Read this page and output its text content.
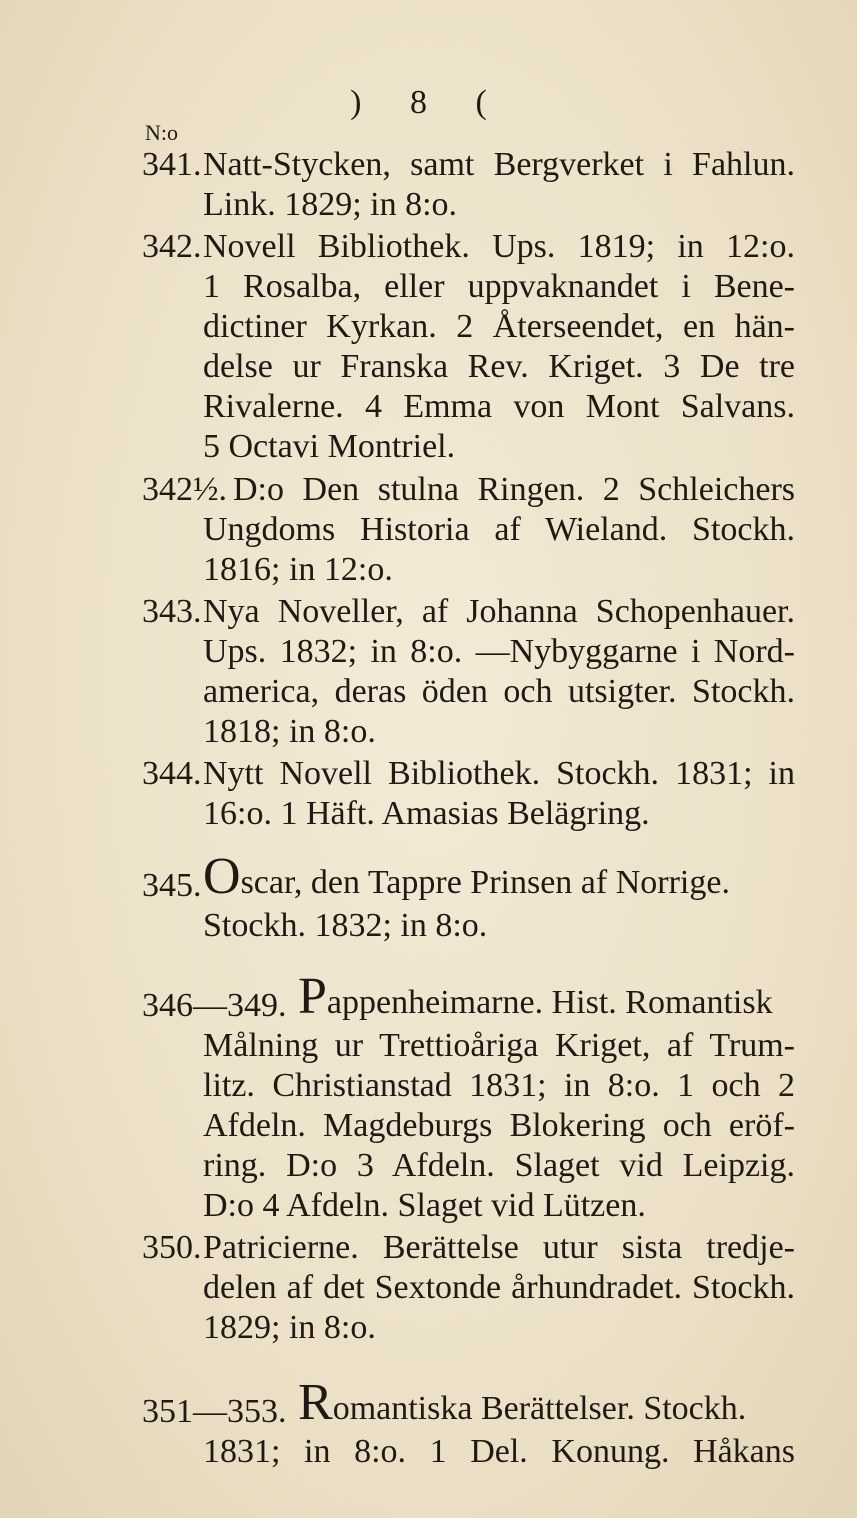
) 8 (
N:o
341. Natt-Stycken, samt Bergverket i Fahlun.
Link. 1829; in 8:o.
342. Novell Bibliothek. Ups. 1819; in 12:o.
1 Rosalba, eller uppvaknandet i Bene-
dictiner Kyrkan. 2 Återseendet, en hän-
delse ur Franska Rev. Kriget. 3 De tre
Rivalerne. 4 Emma von Mont Salvans.
5 Octavi Montriel.
342½. D:o Den stulna Ringen. 2 Schleichers
Ungdoms Historia af Wieland. Stockh.
1816; in 12:o.
343. Nya Noveller, af Johanna Schopenhauer.
Ups. 1832; in 8:o. —Nybyggarne i Nord-
america, deras öden och utsigter. Stockh.
1818; in 8:o.
344. Nytt Novell Bibliothek. Stockh. 1831; in
16:o. 1 Häft. Amasias Belägring.
345. Oscar, den Tappre Prinsen af Norrige.
Stockh. 1832; in 8:o.
346—349. Pappenheimarne. Hist. Romantisk
Målning ur Trettioåriga Kriget, af Trum-
litz. Christianstad 1831; in 8:o. 1 och 2
Afdeln. Magdeburgs Blokering och eröf-
ring. D:o 3 Afdeln. Slaget vid Leipzig.
D:o 4 Afdeln. Slaget vid Lützen.
350. Patricierne. Berättelse utur sista tredje-
delen af det Sextonde århundradet. Stockh.
1829; in 8:o.
351—353. Romantiska Berättelser. Stockh.
1831; in 8:o. 1 Del. Konung. Håkans
